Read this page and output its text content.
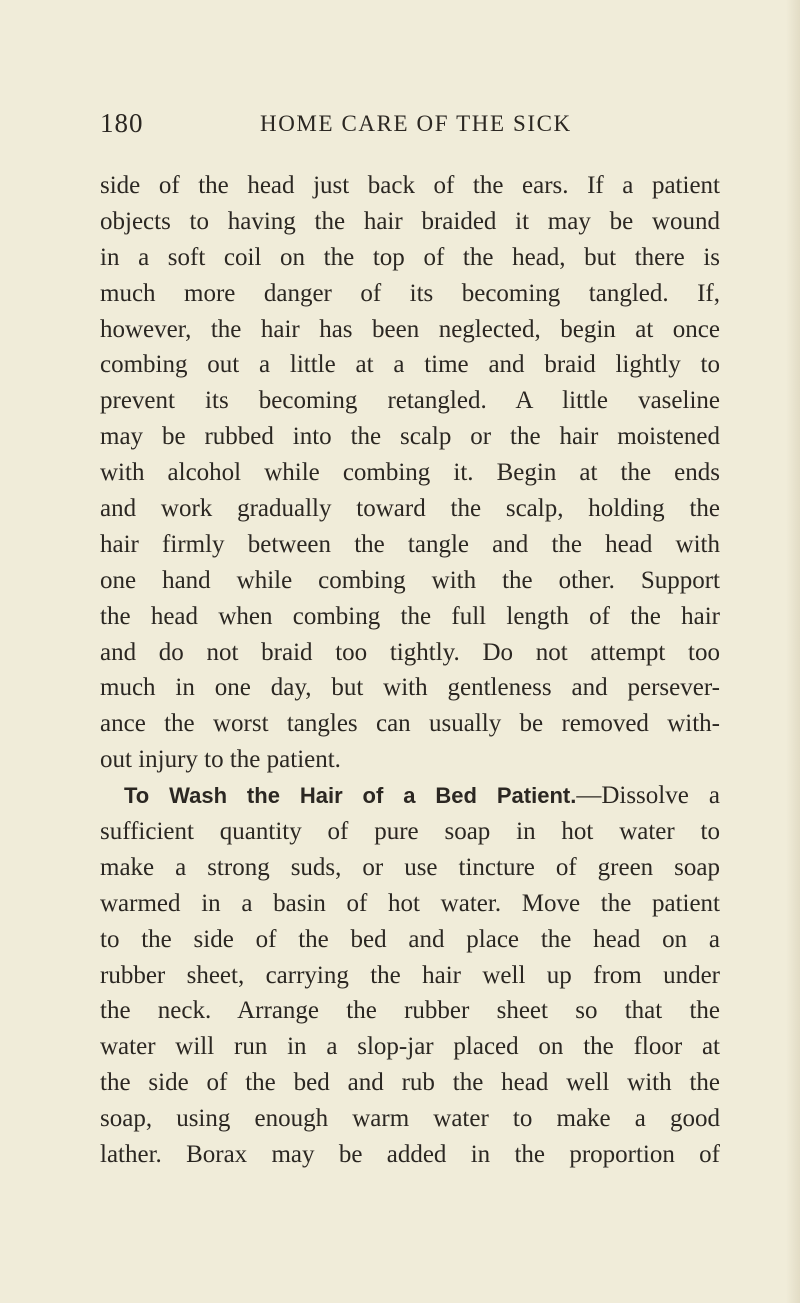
180	HOME CARE OF THE SICK
side of the head just back of the ears. If a patient
objects to having the hair braided it may be wound
in a soft coil on the top of the head, but there is
much more danger of its becoming tangled. If,
however, the hair has been neglected, begin at once
combing out a little at a time and braid lightly to
prevent its becoming retangled. A little vaseline
may be rubbed into the scalp or the hair moistened
with alcohol while combing it. Begin at the ends
and work gradually toward the scalp, holding the
hair firmly between the tangle and the head with
one hand while combing with the other. Support
the head when combing the full length of the hair
and do not braid too tightly. Do not attempt too
much in one day, but with gentleness and persever-
ance the worst tangles can usually be removed with-
out injury to the patient.
To Wash the Hair of a Bed Patient.—Dissolve a
sufficient quantity of pure soap in hot water to
make a strong suds, or use tincture of green soap
warmed in a basin of hot water. Move the patient
to the side of the bed and place the head on a
rubber sheet, carrying the hair well up from under
the neck. Arrange the rubber sheet so that the
water will run in a slop-jar placed on the floor at
the side of the bed and rub the head well with the
soap, using enough warm water to make a good
lather. Borax may be added in the proportion of
